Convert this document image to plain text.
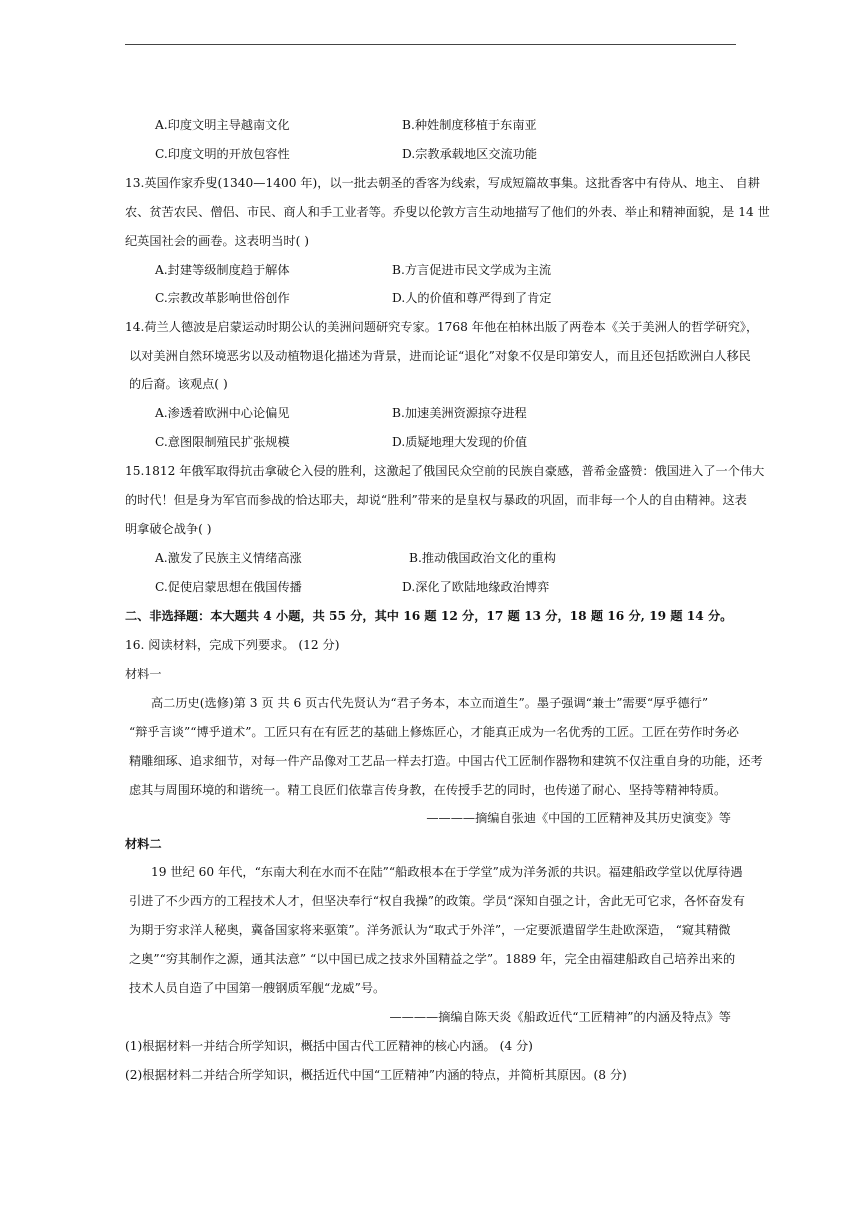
A.印度文明主导越南文化	B.种姓制度移植于东南亚
C.印度文明的开放包容性	D.宗教承载地区交流功能
13.英国作家乔叟(1340—1400 年)，以一批去朝圣的香客为线索，写成短篇故事集。这批香客中有侍从、地主、 自耕
农、贫苦农民、僧侣、市民、商人和手工业者等。乔叟以伦敦方言生动地描写了他们的外表、举止和精神面貌，是 14 世
纪英国社会的画卷。这表明当时( )
A.封建等级制度趋于解体	B.方言促进市民文学成为主流
C.宗教改革影响世俗创作	D.人的价值和尊严得到了肯定
14.荷兰人德波是启蒙运动时期公认的美洲问题研究专家。1768 年他在柏林出版了两卷本《关于美洲人的哲学研究》，
以对美洲自然环境恶劣以及动植物退化描述为背景，进而论证“退化”对象不仅是印第安人，而且还包括欧洲白人移民
的后裔。该观点( )
A.渗透着欧洲中心论偏见	B.加速美洲资源掠夺进程
C.意图限制殖民扩张规模	D.质疑地理大发现的价值
15.1812 年俄军取得抗击拿破仑入侵的胜利，这激起了俄国民众空前的民族自豪感，普希金盛赞：俄国进入了一个伟大
的时代！但是身为军官而参战的恰达耶夫，却说“胜利”带来的是皇权与暴政的巩固，而非每一个人的自由精神。这表
明拿破仑战争( )
A.激发了民族主义情绪高涨	B.推动俄国政治文化的重构
C.促使启蒙思想在俄国传播	D.深化了欧陆地缘政治博弈
二、非选择题：本大题共 4 小题，共 55 分，其中 16 题 12 分，17 题 13 分，18 题 16 分, 19 题 14 分。
16. 阅读材料，完成下列要求。 (12 分)
材料一
高二历史(选修)第 3 页 共 6 页古代先贤认为“君子务本，本立而道生”。墨子强调“兼士”需要“厚乎德行”
“辩乎言谈”“博乎道术”。工匠只有在有匠艺的基础上修炼匠心，才能真正成为一名优秀的工匠。工匠在劳作时务必
精雕细琢、追求细节，对每一件产品像对工艺品一样去打造。中国古代工匠制作器物和建筑不仅注重自身的功能，还考
虑其与周围环境的和谐统一。精工良匠们依靠言传身教，在传授手艺的同时，也传递了耐心、坚持等精神特质。
————摘编自张迪《中国的工匠精神及其历史演变》等
材料二
19 世纪 60 年代，“东南大利在水而不在陆”“船政根本在于学堂”成为洋务派的共识。福建船政学堂以优厚待遇
引进了不少西方的工程技术人才，但坚决奉行“权自我操”的政策。学员“深知自强之计，舍此无可它求，各怀奋发有
为期于穷求洋人秘奥，冀备国家将来驱策”。洋务派认为“取式于外洋”，一定要派遣留学生赴欧深造， “窥其精微
之奥”“穷其制作之源，通其法意” “以中国已成之技求外国精益之学”。1889 年，完全由福建船政自己培养出来的
技术人员自造了中国第一艘钢质军舰“龙威”号。
————摘编自陈天炎《船政近代“工匠精神”的内涵及特点》等
(1)根据材料一并结合所学知识，概括中国古代工匠精神的核心内涵。 (4 分)
(2)根据材料二并结合所学知识，概括近代中国“工匠精神”内涵的特点，并简析其原因。(8 分)
